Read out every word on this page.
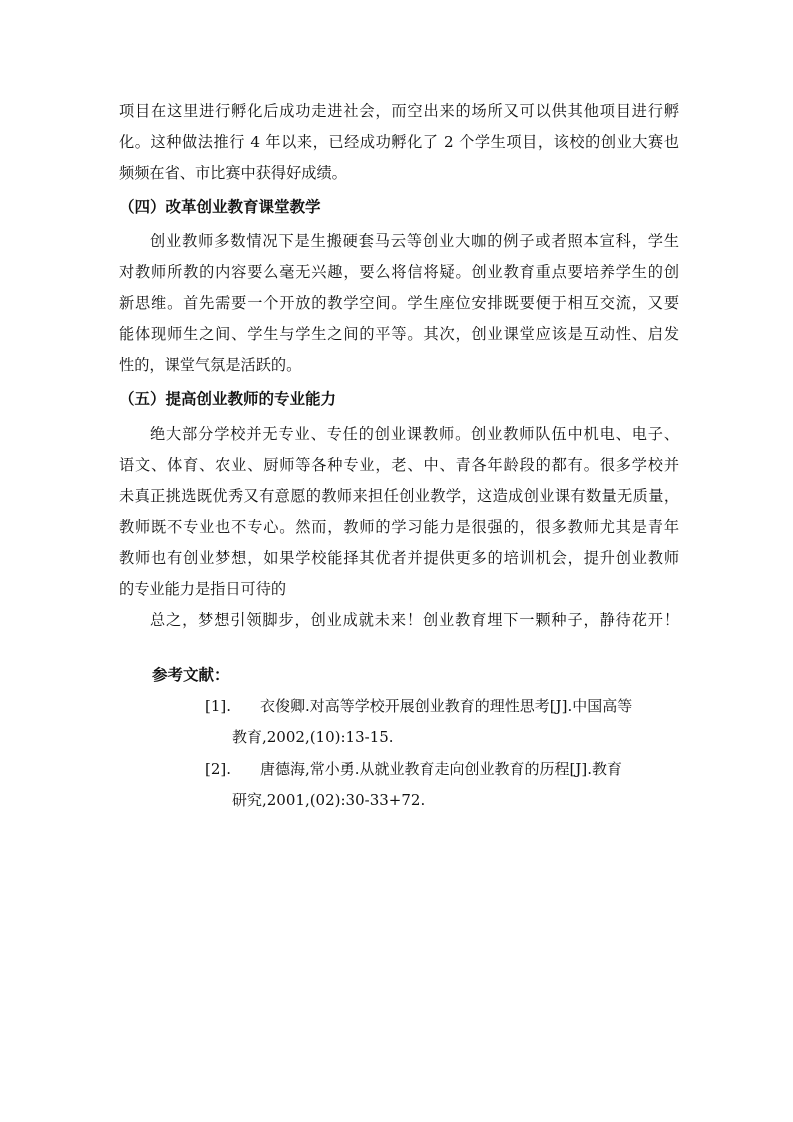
项目在这里进行孵化后成功走进社会，而空出来的场所又可以供其他项目进行孵
化。这种做法推行 4 年以来，已经成功孵化了 2 个学生项目，该校的创业大赛也
频频在省、市比赛中获得好成绩。
（四）改革创业教育课堂教学
创业教师多数情况下是生搬硬套马云等创业大咖的例子或者照本宣科，学生
对教师所教的内容要么毫无兴趣，要么将信将疑。创业教育重点要培养学生的创
新思维。首先需要一个开放的教学空间。学生座位安排既要便于相互交流，又要
能体现师生之间、学生与学生之间的平等。其次，创业课堂应该是互动性、启发
性的，课堂气氛是活跃的。
（五）提高创业教师的专业能力
绝大部分学校并无专业、专任的创业课教师。创业教师队伍中机电、电子、
语文、体育、农业、厨师等各种专业，老、中、青各年龄段的都有。很多学校并
未真正挑选既优秀又有意愿的教师来担任创业教学，这造成创业课有数量无质量，
教师既不专业也不专心。然而，教师的学习能力是很强的，很多教师尤其是青年
教师也有创业梦想，如果学校能择其优者并提供更多的培训机会，提升创业教师
的专业能力是指日可待的
总之，梦想引领脚步，创业成就未来！创业教育埋下一颗种子，静待花开！
参考文献：
[1]. 衣俊卿.对高等学校开展创业教育的理性思考[J].中国高等
教育,2002,(10):13-15.
[2]. 唐德海,常小勇.从就业教育走向创业教育的历程[J].教育
研究,2001,(02):30-33+72.
